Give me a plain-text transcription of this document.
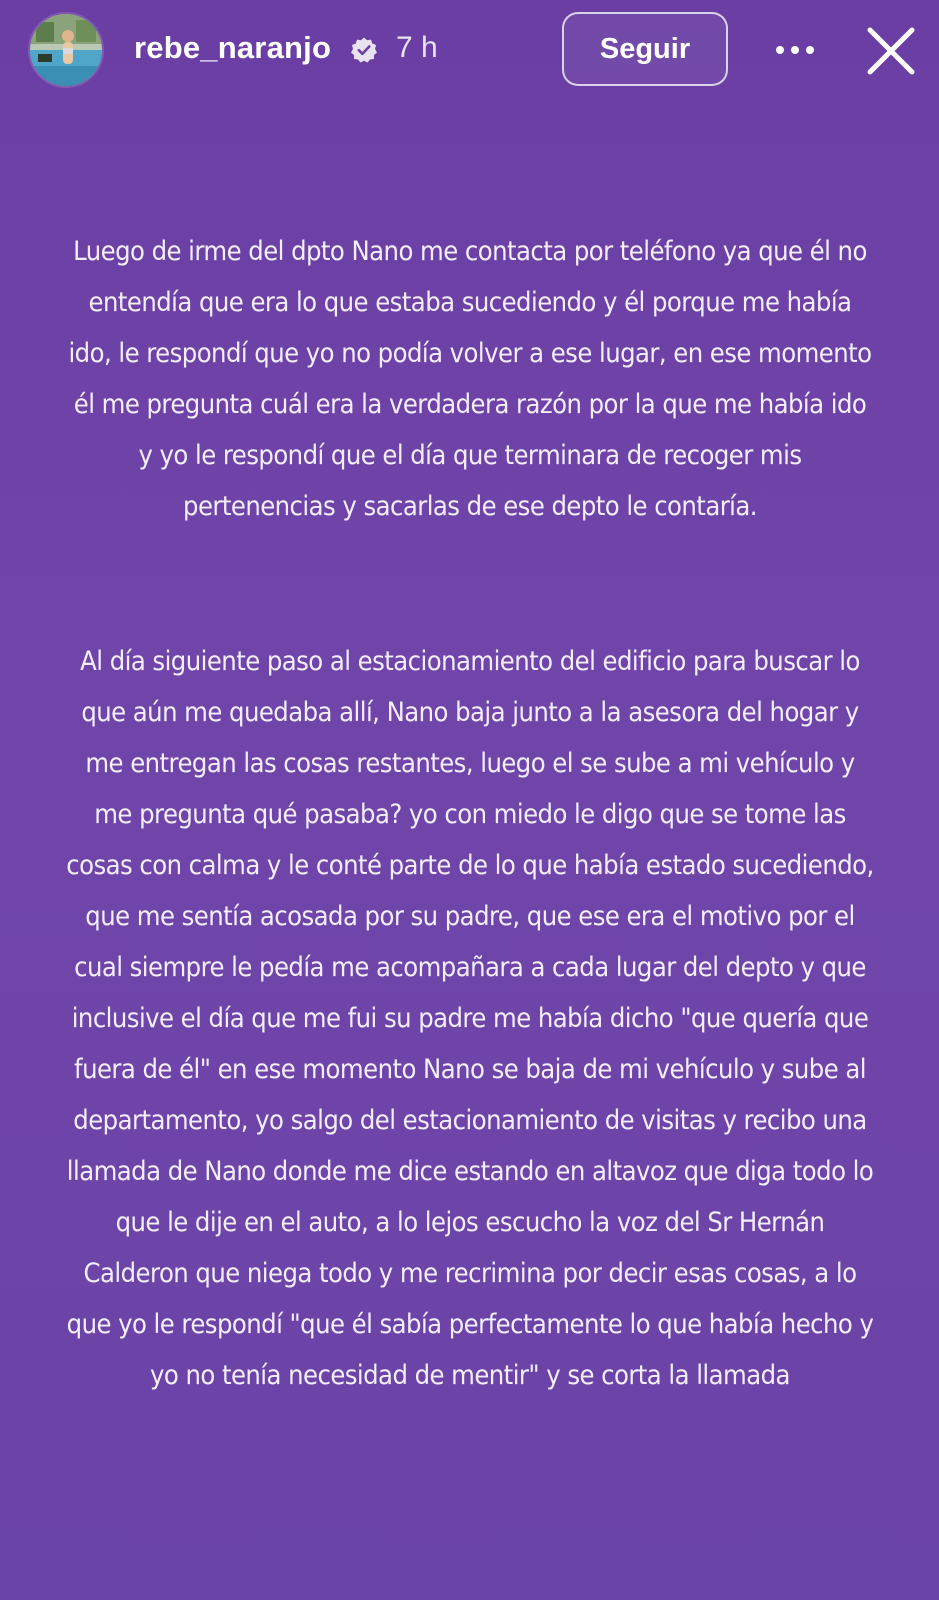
rebe_naranjo 7 h	Seguir
Luego de irme del dpto Nano me contacta por teléfono ya que él no entendía que era lo que estaba sucediendo y él porque me había ido, le respondí que yo no podía volver a ese lugar, en ese momento él me pregunta cuál era la verdadera razón por la que me había ido y yo le respondí que el día que terminara de recoger mis pertenencias y sacarlas de ese depto le contaría.
Al día siguiente paso al estacionamiento del edificio para buscar lo que aún me quedaba allí, Nano baja junto a la asesora del hogar y me entregan las cosas restantes, luego el se sube a mi vehículo y me pregunta qué pasaba? yo con miedo le digo que se tome las cosas con calma y le conté parte de lo que había estado sucediendo, que me sentía acosada por su padre, que ese era el motivo por el cual siempre le pedía me acompañara a cada lugar del depto y que inclusive el día que me fui su padre me había dicho "que quería que fuera de él" en ese momento Nano se baja de mi vehículo y sube al departamento, yo salgo del estacionamiento de visitas y recibo una llamada de Nano donde me dice estando en altavoz que diga todo lo que le dije en el auto, a lo lejos escucho la voz del Sr Hernán Calderon que niega todo y me recrimina por decir esas cosas, a lo que yo le respondí "que él sabía perfectamente lo que había hecho y yo no tenía necesidad de mentir" y se corta la llamada
